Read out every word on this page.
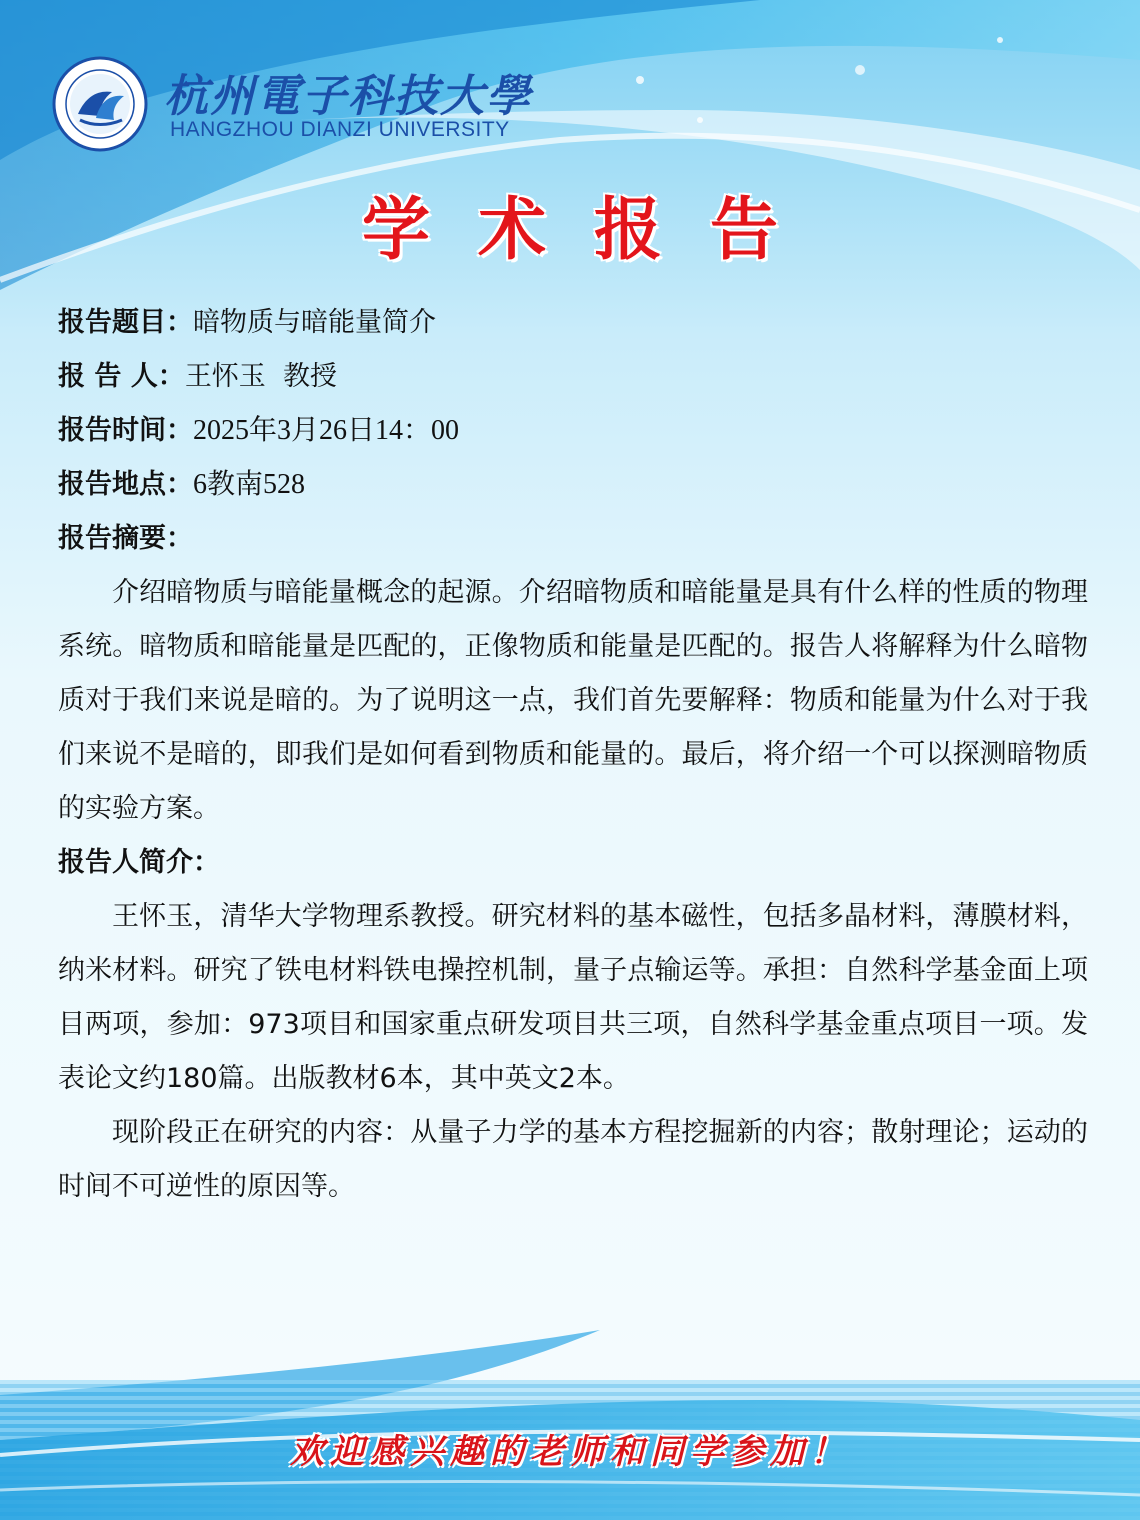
杭州電子科技大學
HANGZHOU DIANZI UNIVERSITY
学术报告
报告题目：暗物质与暗能量简介
报 告 人：王怀玉  教授
报告时间：2025年3月26日14：00
报告地点：6教南528
报告摘要：

介绍暗物质与暗能量概念的起源。介绍暗物质和暗能量是具有什么样的性质的物理系统。暗物质和暗能量是匹配的，正像物质和能量是匹配的。报告人将解释为什么暗物质对于我们来说是暗的。为了说明这一点，我们首先要解释：物质和能量为什么对于我们来说不是暗的，即我们是如何看到物质和能量的。最后，将介绍一个可以探测暗物质的实验方案。

报告人简介：

王怀玉，清华大学物理系教授。研究材料的基本磁性，包括多晶材料，薄膜材料，纳米材料。研究了铁电材料铁电操控机制，量子点输运等。承担：自然科学基金面上项目两项，参加：973项目和国家重点研发项目共三项，自然科学基金重点项目一项。发表论文约180篇。出版教材6本，其中英文2本。

现阶段正在研究的内容：从量子力学的基本方程挖掘新的内容；散射理论；运动的时间不可逆性的原因等。

欢迎感兴趣的老师和同学参加！
